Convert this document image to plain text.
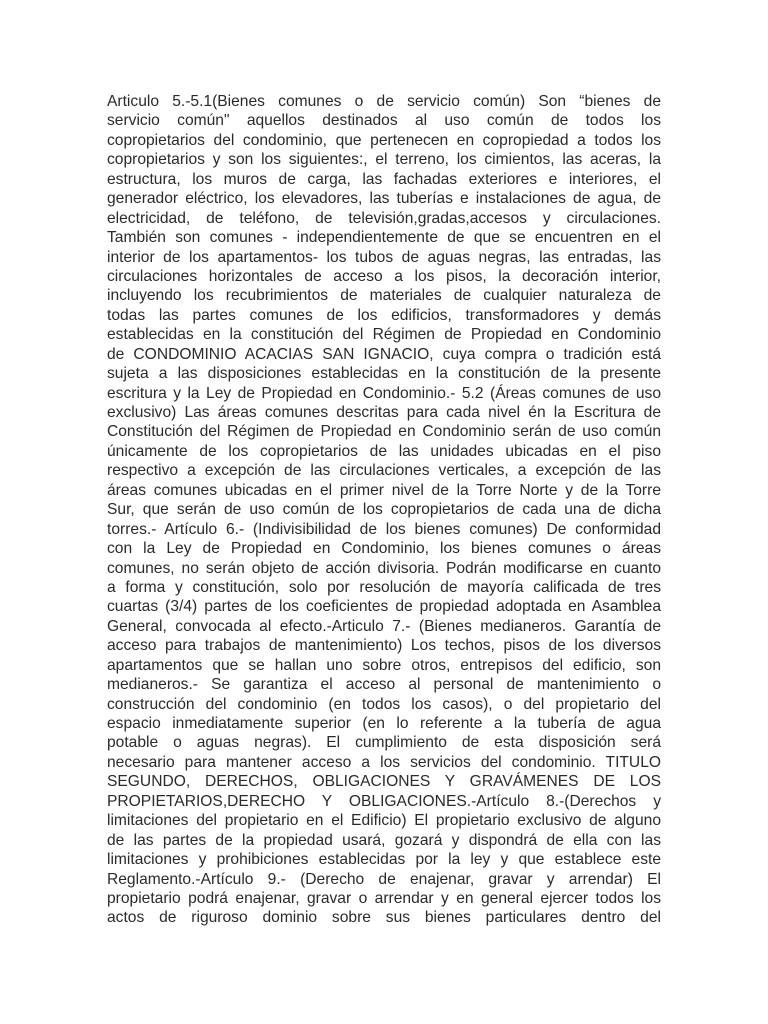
Articulo 5.-5.1(Bienes comunes o de servicio común) Son “bienes de
servicio común" aquellos destinados al uso común de todos los
copropietarios del condominio, que pertenecen en copropiedad a todos los
copropietarios y son los siguientes:, el terreno, los cimientos, las aceras, la
estructura, los muros de carga, las fachadas exteriores e interiores, el
generador eléctrico, los elevadores, las tuberías e instalaciones de agua, de
electricidad, de teléfono, de televisión,gradas,accesos y circulaciones.
También son comunes - independientemente de que se encuentren en el
interior de los apartamentos- los tubos de aguas negras, las entradas, las
circulaciones horizontales de acceso a los pisos, la decoración interior,
incluyendo los recubrimientos de materiales de cualquier naturaleza de
todas las partes comunes de los edificios, transformadores y demás
establecidas en la constitución del Régimen de Propiedad en Condominio
de CONDOMINIO ACACIAS SAN IGNACIO, cuya compra o tradición está
sujeta a las disposiciones establecidas en la constitución de la presente
escritura y la Ley de Propiedad en Condominio.- 5.2 (Áreas comunes de uso
exclusivo) Las áreas comunes descritas para cada nivel én la Escritura de
Constitución del Régimen de Propiedad en Condominio serán de uso común
únicamente de los copropietarios de las unidades ubicadas en el piso
respectivo a excepción de las circulaciones verticales, a excepción de las
áreas comunes ubicadas en el primer nivel de la Torre Norte y de la Torre
Sur, que serán de uso común de los copropietarios de cada una de dicha
torres.- Artículo 6.- (Indivisibilidad de los bienes comunes) De conformidad
con la Ley de Propiedad en Condominio, los bienes comunes o áreas
comunes, no serán objeto de acción divisoria. Podrán modificarse en cuanto
a forma y constitución, solo por resolución de mayoría calificada de tres
cuartas (3/4) partes de los coeficientes de propiedad adoptada en Asamblea
General, convocada al efecto.-Articulo 7.- (Bienes medianeros. Garantía de
acceso para trabajos de mantenimiento) Los techos, pisos de los diversos
apartamentos que se hallan uno sobre otros, entrepisos del edificio, son
medianeros.- Se garantiza el acceso al personal de mantenimiento o
construcción del condominio (en todos los casos), o del propietario del
espacio inmediatamente superior (en lo referente a la tubería de agua
potable o aguas negras). El cumplimiento de esta disposición será
necesario para mantener acceso a los servicios del condominio. TITULO
SEGUNDO, DERECHOS, OBLIGACIONES Y GRAVÁMENES DE LOS
PROPIETARIOS,DERECHO Y OBLIGACIONES.-Artículo 8.-(Derechos y
limitaciones del propietario en el Edificio) El propietario exclusivo de alguno
de las partes de la propiedad usará, gozará y dispondrá de ella con las
limitaciones y prohibiciones establecidas por la ley y que establece este
Reglamento.-Artículo 9.- (Derecho de enajenar, gravar y arrendar) El
propietario podrá enajenar, gravar o arrendar y en general ejercer todos los
actos de riguroso dominio sobre sus bienes particulares dentro del
